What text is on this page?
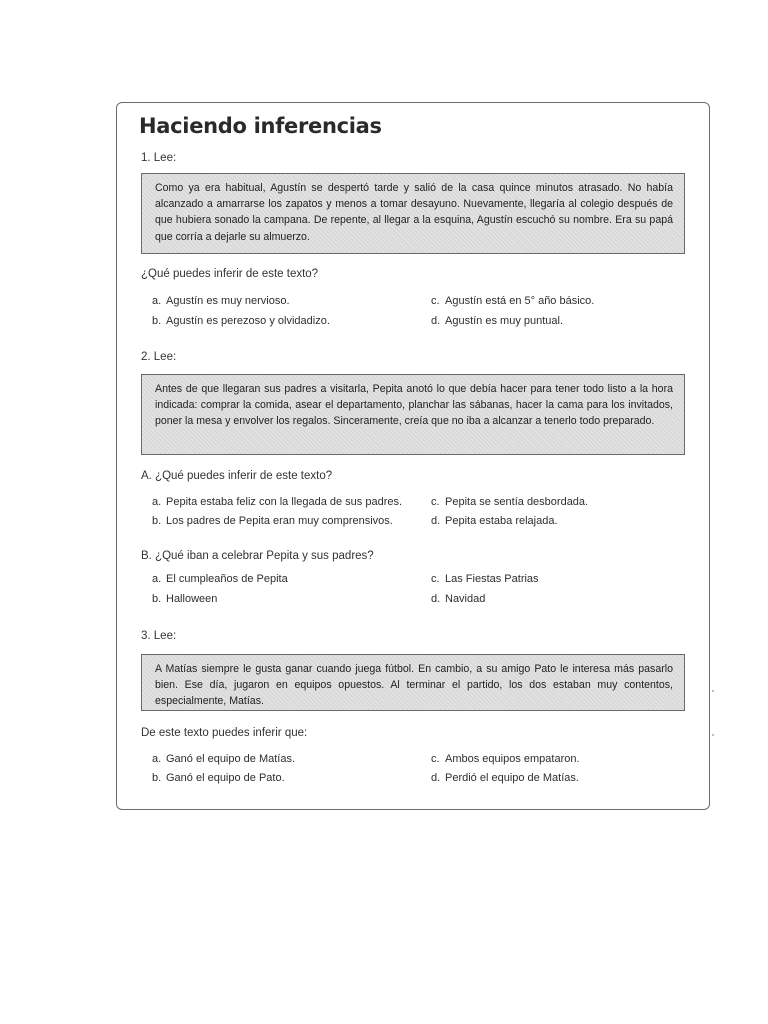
Haciendo inferencias
1. Lee:
Como ya era habitual, Agustín se despertó tarde y salió de la casa quince minutos atrasado. No había alcanzado a amarrarse los zapatos y menos a tomar desayuno. Nuevamente, llegaría al colegio después de que hubiera sonado la campana. De repente, al llegar a la esquina, Agustín escuchó su nombre. Era su papá que corría a dejarle su almuerzo.
¿Qué puedes inferir de este texto?
a. Agustín es muy nervioso.
b. Agustín es perezoso y olvidadizo.
c. Agustín está en 5° año básico.
d. Agustín es muy puntual.
2. Lee:
Antes de que llegaran sus padres a visitarla, Pepita anotó lo que debía hacer para tener todo listo a la hora indicada: comprar la comida, asear el departamento, planchar las sábanas, hacer la cama para los invitados, poner la mesa y envolver los regalos. Sinceramente, creía que no iba a alcanzar a tenerlo todo preparado.
A. ¿Qué puedes inferir de este texto?
a. Pepita estaba feliz con la llegada de sus padres.
b. Los padres de Pepita eran muy comprensivos.
c. Pepita se sentía desbordada.
d. Pepita estaba relajada.
B. ¿Qué iban a celebrar Pepita y sus padres?
a. El cumpleaños de Pepita
b. Halloween
c. Las Fiestas Patrias
d. Navidad
3. Lee:
A Matías siempre le gusta ganar cuando juega fútbol. En cambio, a su amigo Pato le interesa más pasarlo bien. Ese día, jugaron en equipos opuestos. Al terminar el partido, los dos estaban muy contentos, especialmente, Matías.
De este texto puedes inferir que:
a. Ganó el equipo de Matías.
b. Ganó el equipo de Pato.
c. Ambos equipos empataron.
d. Perdió el equipo de Matías.
